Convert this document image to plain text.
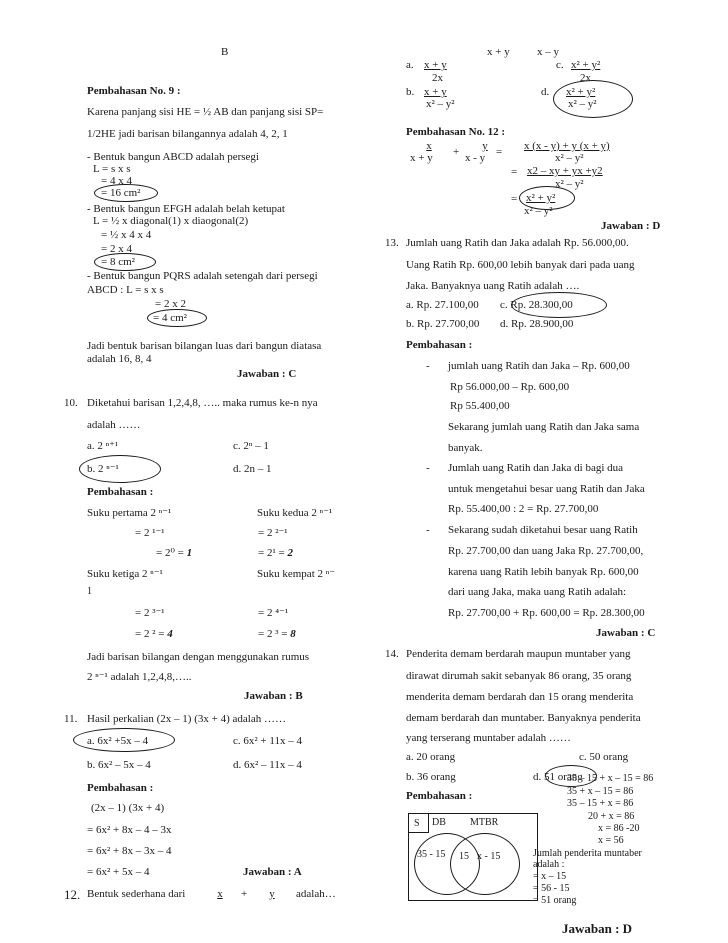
B
Pembahasan No. 9 :
Karena panjang sisi HE = ½ AB dan panjang sisi SP=
1/2HE jadi barisan bilangannya adalah 4, 2, 1
- Bentuk bangun ABCD adalah persegi
L = s x s
= 4 x 4
= 16 cm²
- Bentuk bangun EFGH adalah belah ketupat
L = ½ x diagonal(1) x diaogonal(2)
= ½ x 4 x 4
= 2 x 4
= 8 cm²
- Bentuk bangun PQRS adalah setengah dari persegi
ABCD : L = s x s
= 2 x 2
= 4 cm²
Jadi bentuk barisan bilangan luas dari bangun diatasa
adalah 16, 8, 4
Jawaban : C
10. Diketahui barisan 1,2,4,8, ….. maka rumus ke-n nya
adalah ……
a. 2 ⁿ⁺¹	c. 2ⁿ – 1
b. 2 ⁿ⁻¹	d. 2n – 1
Pembahasan :
Suku pertama 2 ⁿ⁻¹	Suku kedua 2 ⁿ⁻¹
= 2 ¹⁻¹	= 2 ²⁻¹
= 2⁰ = 1	= 2¹ = 2
Suku ketiga 2 ⁿ⁻¹	Suku kempat 2 ⁿ⁻
1
= 2 ³⁻¹	= 2 ⁴⁻¹
= 2 ² = 4	= 2 ³ = 8
Jadi barisan bilangan dengan menggunakan rumus
2 ⁿ⁻¹ adalah 1,2,4,8,…..
Jawaban : B
11. Hasil perkalian (2x – 1) (3x + 4) adalah ……
a. 6x² +5x – 4	c. 6x² + 11x – 4
b. 6x² – 5x – 4	d. 6x² – 11x – 4
Pembahasan :
(2x – 1) (3x + 4)
= 6x² + 8x – 4 – 3x
= 6x² + 8x – 3x – 4
= 6x² + 5x – 4	Jawaban : A
12. Bentuk sederhana dari	x	+	y	adalah…
x + y x – y
a. x + y
2x
c. x² + y²
2x
b. x + y
x² – y²
d. x² + y²
x² – y²
Pembahasan No. 12 :
x
x + y +	y
x - y = x (x - y) + y (x + y)
x² – y²
= x2 – xy + yx +y2
x² – y²
= x² + y²
x² – y²
Jawaban : D
13. Jumlah uang Ratih dan Jaka adalah Rp. 56.000,00.
Uang Ratih Rp. 600,00 lebih banyak dari pada uang
Jaka. Banyaknya uang Ratih adalah ….
a. Rp. 27.100,00 c. Rp. 28.300,00
b. Rp. 27.700,00 d. Rp. 28.900,00
Pembahasan :
- jumlah uang Ratih dan Jaka – Rp. 600,00
Rp 56.000,00 – Rp. 600,00
Rp 55.400,00
Sekarang jumlah uang Ratih dan Jaka sama
banyak.
- Jumlah uang Ratih dan Jaka di bagi dua
untuk mengetahui besar uang Ratih dan Jaka
Rp. 55.400,00 : 2 = Rp. 27.700,00
- Sekarang sudah diketahui besar uang Ratih
Rp. 27.700,00 dan uang Jaka Rp. 27.700,00,
karena uang Ratih lebih banyak Rp. 600,00
dari uang Jaka, maka uang Ratih adalah:
Rp. 27.700,00 + Rp. 600,00 = Rp. 28.300,00
Jawaban : C
14. Penderita demam berdarah maupun muntaber yang
dirawat dirumah sakit sebanyak 86 orang, 35 orang
menderita demam berdarah dan 15 orang menderita
demam berdarah dan muntaber. Banyaknya penderita
yang terserang muntaber adalah ……
a. 20 orang	c. 50 orang
b. 36 orang	d. 51 orang
Pembahasan :
35 – 15 + x – 15 = 86
35 + x – 15 = 86
35 – 15 + x = 86
20 + x = 86
x = 86 -20
x = 56
Jumlah penderita muntaber
adalah :
= x – 15
= 56 - 15
= 51 orang
S DB MTBR
35 - 15 15 x - 15
Jawaban : D
